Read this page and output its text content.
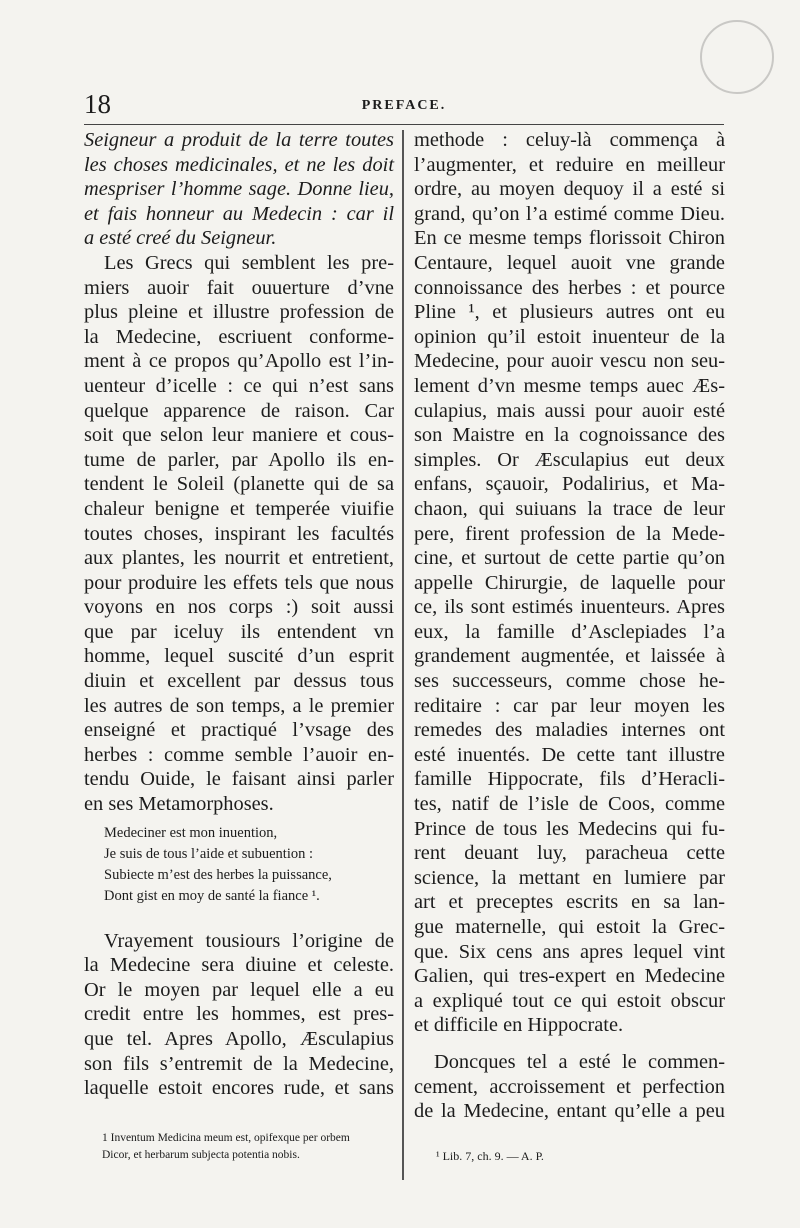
18	PREFACE.
Seigneur a produit de la terre toutes
les choses medicinales, et ne les doit
mespriser l’homme sage. Donne lieu,
et fais honneur au Medecin : car il
a esté creé du Seigneur.
Les Grecs qui semblent les pre-
miers auoir fait ouuerture d’vne
plus pleine et illustre profession de
la Medecine, escriuent conforme-
ment à ce propos qu’Apollo est l’in-
uenteur d’icelle : ce qui n’est sans
quelque apparence de raison. Car
soit que selon leur maniere et cous-
tume de parler, par Apollo ils en-
tendent le Soleil (planette qui de sa
chaleur benigne et temperée viuifie
toutes choses, inspirant les facultés
aux plantes, les nourrit et entretient,
pour produire les effets tels que nous
voyons en nos corps :) soit aussi
que par iceluy ils entendent vn
homme, lequel suscité d’un esprit
diuin et excellent par dessus tous
les autres de son temps, a le premier
enseigné et practiqué l’vsage des
herbes : comme semble l’auoir en-
tendu Ouide, le faisant ainsi parler
en ses Metamorphoses.
Medeciner est mon inuention,
Je suis de tous l’aide et subuention :
Subiecte m’est des herbes la puissance,
Dont gist en moy de santé la fiance ¹.
Vrayement tousiours l’origine de
la Medecine sera diuine et celeste.
Or le moyen par lequel elle a eu
credit entre les hommes, est pres-
que tel. Apres Apollo, Æsculapius
son fils s’entremit de la Medecine,
laquelle estoit encores rude, et sans
1 Inventum Medicina meum est, opifexque per orbem
Dicor, et herbarum subjecta potentia nobis.
methode : celuy-là commença à
l’augmenter, et reduire en meilleur
ordre, au moyen dequoy il a esté si
grand, qu’on l’a estimé comme Dieu.
En ce mesme temps florissoit Chiron
Centaure, lequel auoit vne grande
connoissance des herbes : et pource
Pline ¹, et plusieurs autres ont eu
opinion qu’il estoit inuenteur de la
Medecine, pour auoir vescu non seu-
lement d’vn mesme temps auec Æs-
culapius, mais aussi pour auoir esté
son Maistre en la cognoissance des
simples. Or Æsculapius eut deux
enfans, sçauoir, Podalirius, et Ma-
chaon, qui suiuans la trace de leur
pere, firent profession de la Mede-
cine, et surtout de cette partie qu’on
appelle Chirurgie, de laquelle pour
ce, ils sont estimés inuenteurs. Apres
eux, la famille d’Asclepiades l’a
grandement augmentée, et laissée à
ses successeurs, comme chose he-
reditaire : car par leur moyen les
remedes des maladies internes ont
esté inuentés. De cette tant illustre
famille Hippocrate, fils d’Heracli-
tes, natif de l’isle de Coos, comme
Prince de tous les Medecins qui fu-
rent deuant luy, paracheua cette
science, la mettant en lumiere par
art et preceptes escrits en sa lan-
gue maternelle, qui estoit la Grec-
que. Six cens ans apres lequel vint
Galien, qui tres-expert en Medecine
a expliqué tout ce qui estoit obscur
et difficile en Hippocrate.
Doncques tel a esté le commen-
cement, accroissement et perfection
de la Medecine, entant qu’elle a peu
¹ Lib. 7, ch. 9. — A. P.
